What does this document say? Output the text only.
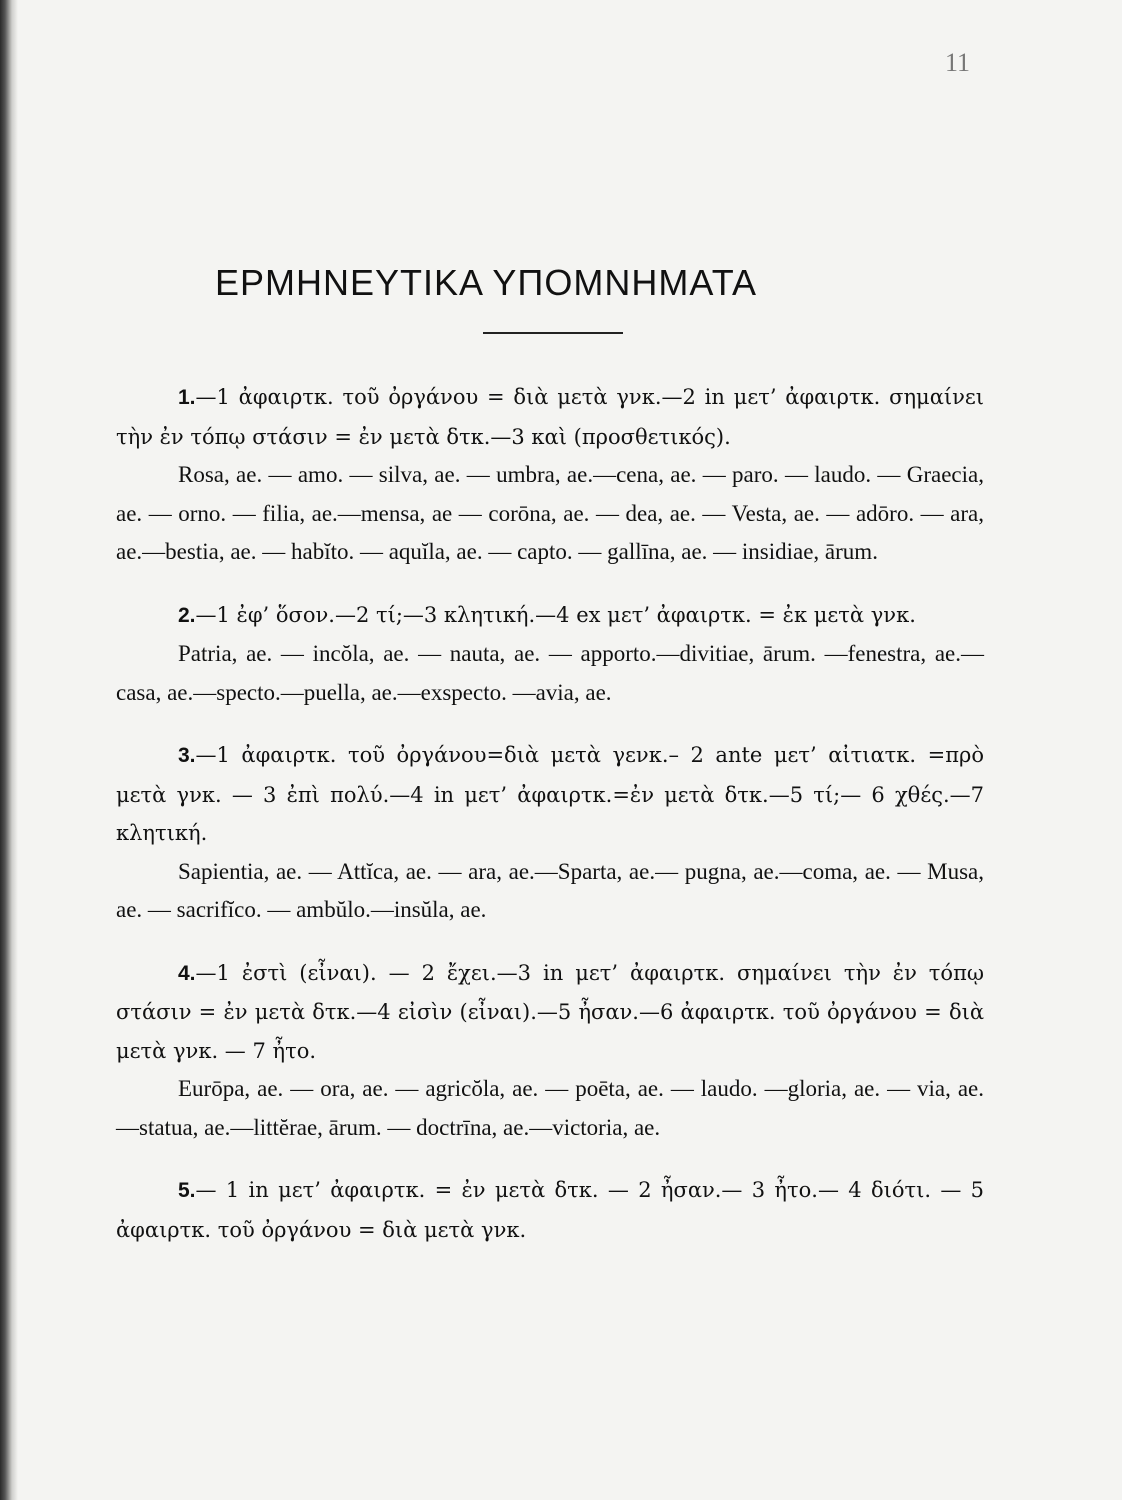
11
ΕΡΜΗΝΕΥΤΙΚΑ ΥΠΟΜΝΗΜΑΤΑ

1.—1 ἀφαιρτκ. τοῦ ὀργάνου = διὰ μετὰ γνκ.—2 in μετ’ ἀφαιρτκ. σημαίνει τὴν ἐν τόπῳ στάσιν = ἐν μετὰ δτκ.—3 καὶ (προσθετικός).

Rosa, ae. — amo. — silva, ae. — umbra, ae.—cena, ae. — paro. — laudo. — Graecia, ae. — orno. — filia, ae.—mensa, ae — corōna, ae. — dea, ae. — Vesta, ae. — adōro. — ara, ae.—bestia, ae. — habĭto. — aquĭla, ae. — capto. — gallīna, ae. — insidiae, ārum.

2.—1 ἐφ’ ὅσον.—2 τί;—3 κλητική.—4 ex μετ’ ἀφαιρτκ. = ἐκ μετὰ γνκ.

Patria, ae. — incŏla, ae. — nauta, ae. — apporto.—divitiae, ārum. —fenestra, ae.—casa, ae.—specto.—puella, ae.—exspecto. —avia, ae.

3.—1 ἀφαιρτκ. τοῦ ὀργάνου=διὰ μετὰ γενκ.– 2 ante μετ’ αἰτιατκ. =πρὸ μετὰ γνκ. — 3 ἐπὶ πολύ.—4 in μετ’ ἀφαιρτκ.=ἐν μετὰ δτκ.—5 τί;— 6 χθές.—7 κλητική.

Sapientia, ae. — Attĭca, ae. — ara, ae.—Sparta, ae.— pugna, ae.—coma, ae. — Musa, ae. — sacrifĭco. — ambŭlo.—insŭla, ae.

4.—1 ἐστὶ (εἶναι). — 2 ἔχει.—3 in μετ’ ἀφαιρτκ. σημαίνει τὴν ἐν τόπῳ στάσιν = ἐν μετὰ δτκ.—4 εἰσὶν (εἶναι).—5 ἦσαν.—6 ἀφαιρτκ. τοῦ ὀργάνου = διὰ μετὰ γνκ. — 7 ἦτο.

Eurōpa, ae. — ora, ae. — agricŏla, ae. — poēta, ae. — laudo. —gloria, ae. — via, ae.—statua, ae.—littĕrae, ārum. — doctrīna, ae.—victoria, ae.

5.— 1 in μετ’ ἀφαιρτκ. = ἐν μετὰ δτκ. — 2 ἦσαν.— 3 ἦτο.— 4 διότι. — 5 ἀφαιρτκ. τοῦ ὀργάνου = διὰ μετὰ γνκ.
